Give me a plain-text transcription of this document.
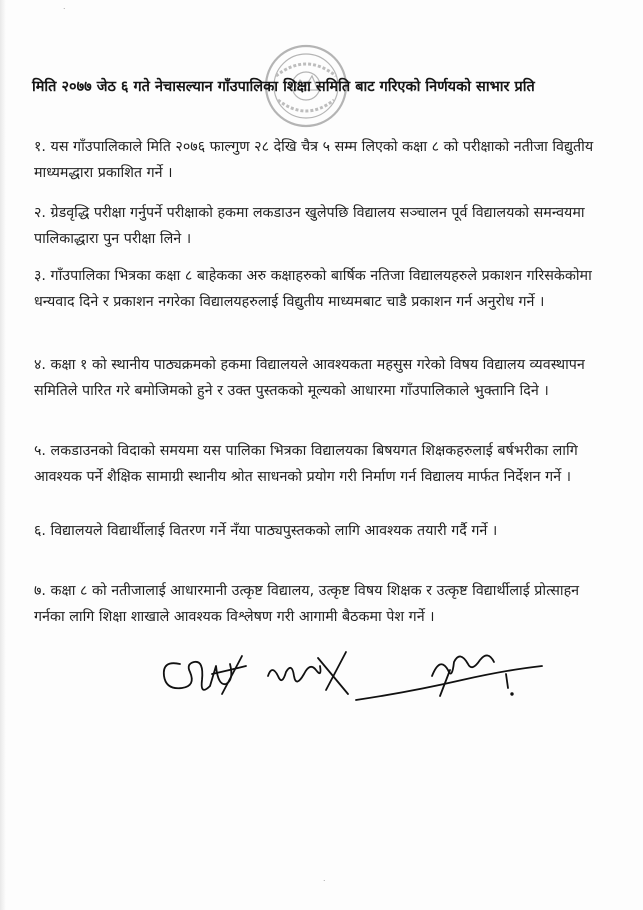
˙
˙
मिति २०७७ जेठ ६ गते नेचासल्यान गाँउपालिका शिक्षा समिति बाट गरिएको निर्णयको साभार प्रति
१. यस गाँउपालिकाले मिति २०७६ फाल्गुण २८ देखि चैत्र ५ सम्म लिएको कक्षा ८ को परीक्षाको नतीजा विद्युतीय माध्यमद्धारा प्रकाशित गर्ने ।
२. ग्रेडवृद्धि परीक्षा गर्नुपर्ने परीक्षाको हकमा लकडाउन खुलेपछि विद्यालय सञ्चालन पूर्व विद्यालयको समन्वयमा पालिकाद्धारा पुन परीक्षा लिने ।
३. गाँउपालिका भित्रका कक्षा ८ बाहेकका अरु कक्षाहरुको बार्षिक नतिजा विद्यालयहरुले प्रकाशन गरिसकेकोमा धन्यवाद दिने र प्रकाशन नगरेका विद्यालयहरुलाई विद्युतीय माध्यमबाट चाडै प्रकाशन गर्न अनुरोध गर्ने ।
४. कक्षा १ को स्थानीय पाठ्यक्रमको हकमा विद्यालयले आवश्यकता महसुस गरेको विषय विद्यालय व्यवस्थापन समितिले पारित गरे बमोजिमको हुने र उक्त पुस्तकको मूल्यको आधारमा गाँउपालिकाले भुक्तानि दिने ।
५. लकडाउनको विदाको समयमा यस पालिका भित्रका विद्यालयका बिषयगत शिक्षकहरुलाई बर्षभरीका लागि आवश्यक पर्ने शैक्षिक सामाग्री स्थानीय श्रोत साधनको प्रयोग गरी निर्माण गर्न विद्यालय मार्फत निर्देशन गर्ने ।
६. विद्यालयले विद्यार्थीलाई वितरण गर्ने नँया पाठ्यपुस्तकको लागि आवश्यक तयारी गर्दै गर्ने ।
७. कक्षा ८ को नतीजालाई आधारमानी उत्कृष्ट विद्यालय, उत्कृष्ट विषय शिक्षक र उत्कृष्ट विद्यार्थीलाई प्रोत्साहन गर्नका लागि शिक्षा शाखाले आवश्यक विश्लेषण गरी आगामी बैठकमा पेश गर्ने ।
